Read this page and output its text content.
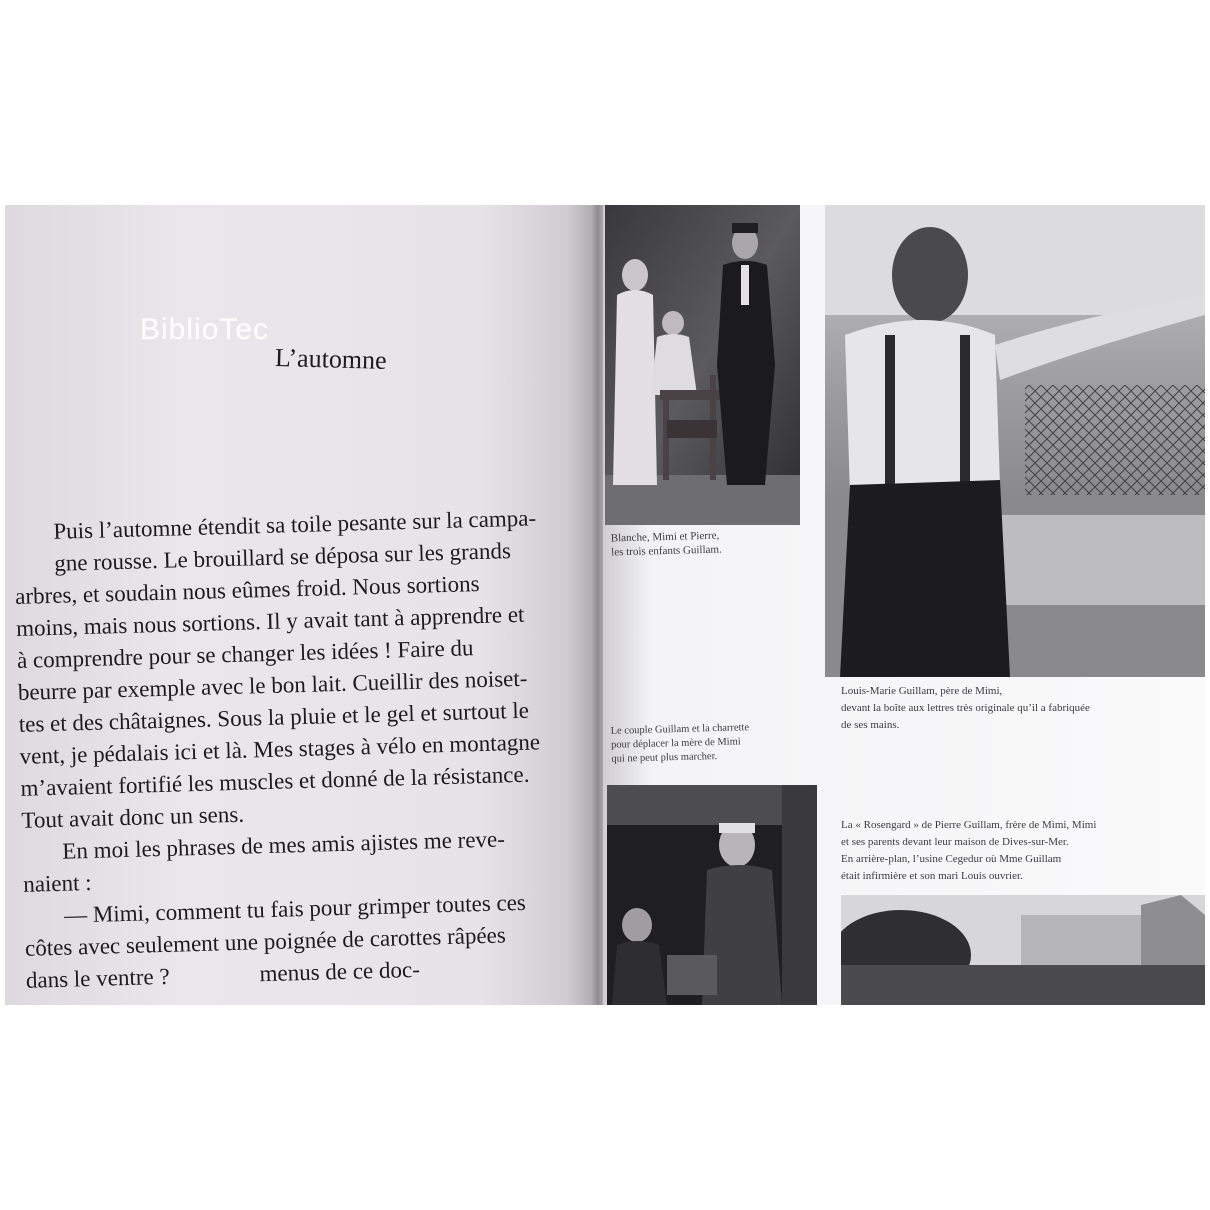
BiblioTec
L’automne
Puis l’automne étendit sa toile pesante sur la campa-
gne rousse. Le brouillard se déposa sur les grands
arbres, et soudain nous eûmes froid. Nous sortions
moins, mais nous sortions. Il y avait tant à apprendre et
à comprendre pour se changer les idées ! Faire du
beurre par exemple avec le bon lait. Cueillir des noiset-
tes et des châtaignes. Sous la pluie et le gel et surtout le
vent, je pédalais ici et là. Mes stages à vélo en montagne
m’avaient fortifié les muscles et donné de la résistance.
Tout avait donc un sens.
En moi les phrases de mes amis ajistes me reve-
naient :
— Mimi, comment tu fais pour grimper toutes ces
côtes avec seulement une poignée de carottes râpées
dans le ventre ?	menus de ce doc-
Blanche, Mimi et Pierre,
les trois enfants Guillam.
Louis-Marie Guillam, père de Mimi,
devant la boîte aux lettres très originale qu’il a fabriquée
de ses mains.
Le couple Guillam et la charrette
pour déplacer la mère de Mimi
qui ne peut plus marcher.
La « Rosengard » de Pierre Guillam, frère de Mimi, Mimi
et ses parents devant leur maison de Dives-sur-Mer.
En arrière-plan, l’usine Cegedur où Mme Guillam
était infirmière et son mari Louis ouvrier.
